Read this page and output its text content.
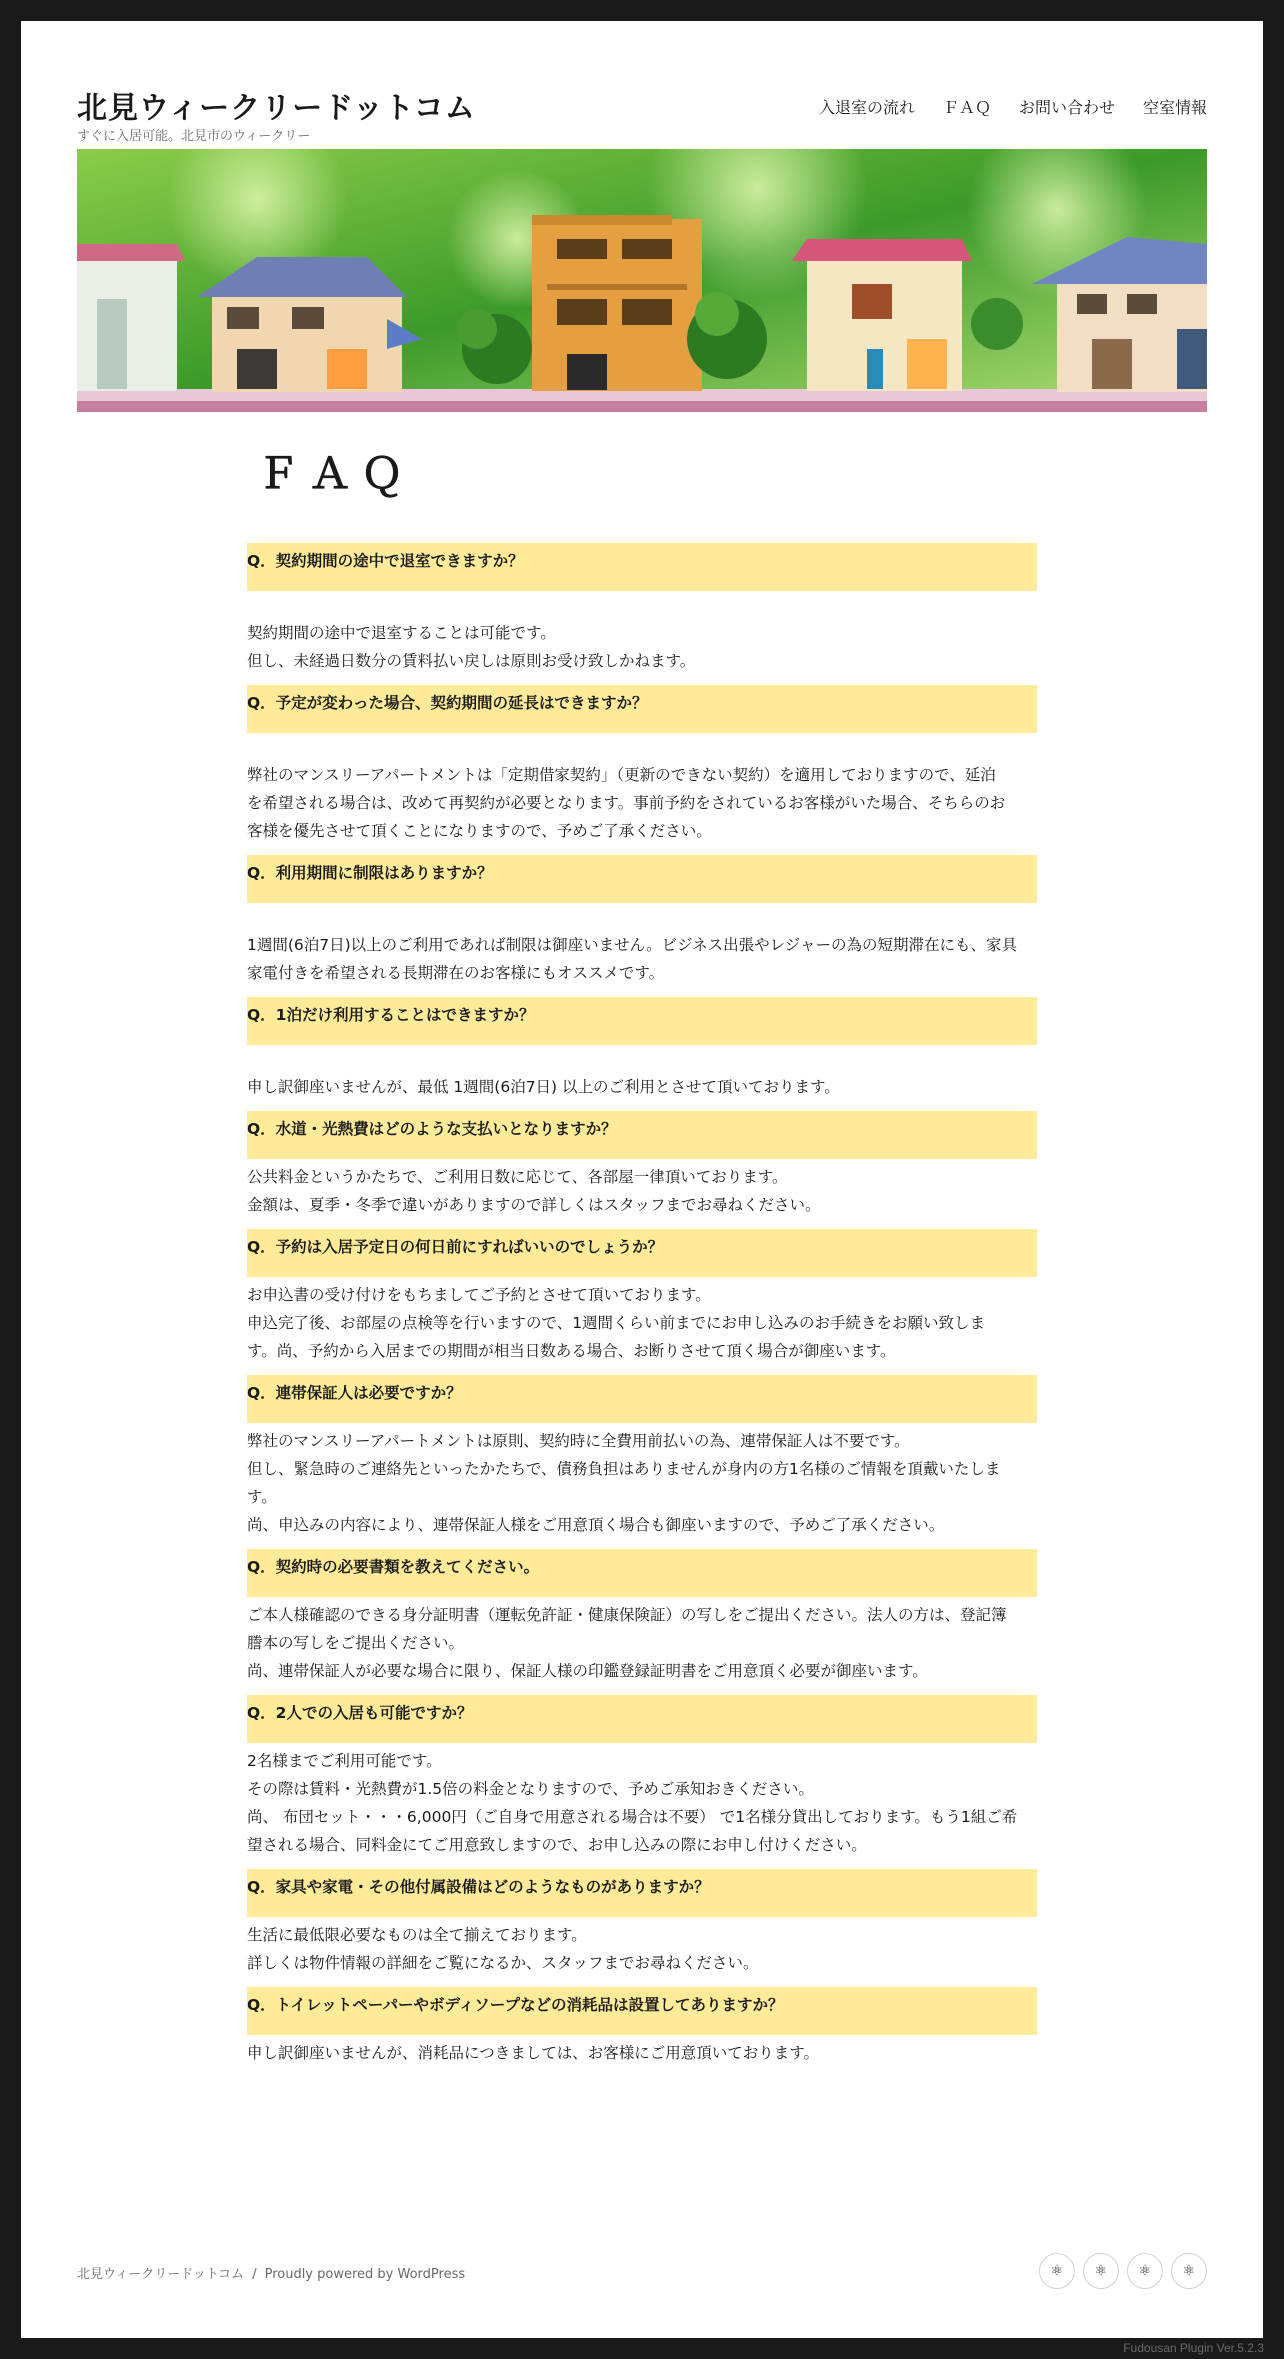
北見ウィークリードットコム
すぐに入居可能。北見市のウィークリー
入退室の流れ ＦＡＱ お問い合わせ 空室情報
ＦＡＱ
Q．契約期間の途中で退室できますか？

契約期間の途中で退室することは可能です。

但し、未経過日数分の賃料払い戻しは原則お受け致しかねます。

Q．予定が変わった場合、契約期間の延長はできますか？

弊社のマンスリーアパートメントは「定期借家契約」（更新のできない契約）を適用しておりますので、延泊

を希望される場合は、改めて再契約が必要となります。事前予約をされているお客様がいた場合、そちらのお

客様を優先させて頂くことになりますので、予めご了承ください。

Q．利用期間に制限はありますか？

1週間(6泊7日)以上のご利用であれば制限は御座いません。ビジネス出張やレジャーの為の短期滞在にも、家具

家電付きを希望される長期滞在のお客様にもオススメです。

Q．1泊だけ利用することはできますか？

申し訳御座いませんが、最低 1週間(6泊7日) 以上のご利用とさせて頂いております。

Q．水道・光熱費はどのような支払いとなりますか？

公共料金というかたちで、ご利用日数に応じて、各部屋一律頂いております。

金額は、夏季・冬季で違いがありますので詳しくはスタッフまでお尋ねください。

Q．予約は入居予定日の何日前にすればいいのでしょうか？

お申込書の受け付けをもちましてご予約とさせて頂いております。

申込完了後、お部屋の点検等を行いますので、1週間くらい前までにお申し込みのお手続きをお願い致しま

す。尚、予約から入居までの期間が相当日数ある場合、お断りさせて頂く場合が御座います。

Q．連帯保証人は必要ですか？

弊社のマンスリーアパートメントは原則、契約時に全費用前払いの為、連帯保証人は不要です。

但し、緊急時のご連絡先といったかたちで、債務負担はありませんが身内の方1名様のご情報を頂戴いたしま

す。

尚、申込みの内容により、連帯保証人様をご用意頂く場合も御座いますので、予めご了承ください。

Q．契約時の必要書類を教えてください。

ご本人様確認のできる身分証明書（運転免許証・健康保険証）の写しをご提出ください。法人の方は、登記簿

謄本の写しをご提出ください。

尚、連帯保証人が必要な場合に限り、保証人様の印鑑登録証明書をご用意頂く必要が御座います。

Q．2人での入居も可能ですか？

2名様までご利用可能です。

その際は賃料・光熱費が1.5倍の料金となりますので、予めご承知おきください。

尚、 布団セット・・・6,000円（ご自身で用意される場合は不要） で1名様分貸出しております。もう1組ご希

望される場合、同料金にてご用意致しますので、お申し込みの際にお申し付けください。

Q．家具や家電・その他付属設備はどのようなものがありますか？

生活に最低限必要なものは全て揃えております。

詳しくは物件情報の詳細をご覧になるか、スタッフまでお尋ねください。

Q．トイレットペーパーやボディソープなどの消耗品は設置してありますか？

申し訳御座いませんが、消耗品につきましては、お客様にご用意頂いております。

北見ウィークリードットコム / Proudly powered by WordPress	⚛	⚛	⚛	⚛
Fudousan Plugin Ver.5.2.3
